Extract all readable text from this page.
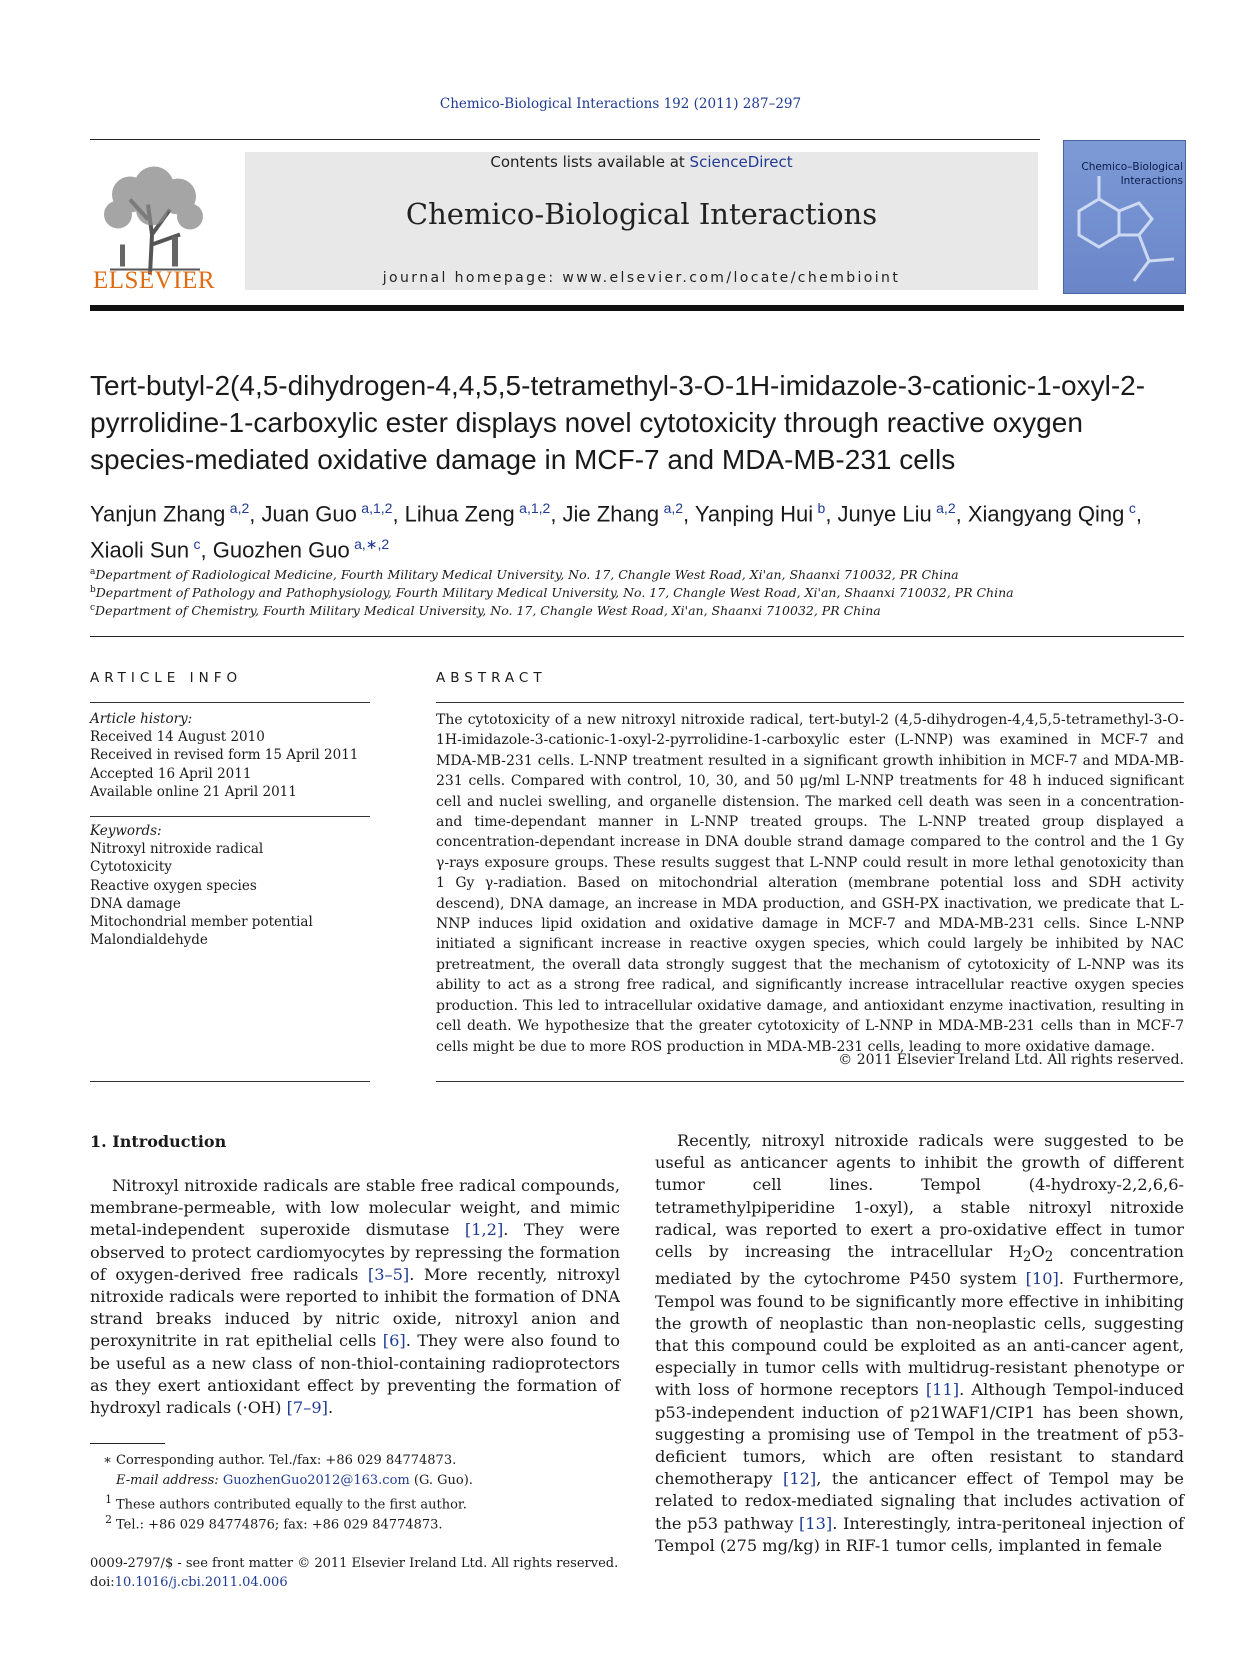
Chemico-Biological Interactions 192 (2011) 287–297
ELSEVIER
Contents lists available at ScienceDirect
Chemico-Biological Interactions
journal homepage: www.elsevier.com/locate/chembioint
Chemico–Biological
Interactions
Tert-butyl-2(4,5-dihydrogen-4,4,5,5-tetramethyl-3-O-1H-imidazole-3-cationic-1-oxyl-2-pyrrolidine-1-carboxylic ester displays novel cytotoxicity through reactive oxygen species-mediated oxidative damage in MCF-7 and MDA-MB-231 cells
Yanjun Zhang  $^{a,2}$, Juan Guo  $^{a,1,2}$, Lihua Zeng  $^{a,1,2}$, Jie Zhang  $^{a,2}$, Yanping Hui  $^b$, Junye Liu  $^{a,2}$, Xiangyang Qing  $^c$, Xiaoli Sun  $^c$, Guozhen Guo  $^{a,∗,2}$
$^a$Department of Radiological Medicine, Fourth Military Medical University, No. 17, Changle West Road, Xi'an, Shaanxi 710032, PR China
$^b$Department of Pathology and Pathophysiology, Fourth Military Medical University, No. 17, Changle West Road, Xi'an, Shaanxi 710032, PR China
$^c$Department of Chemistry, Fourth Military Medical University, No. 17, Changle West Road, Xi'an, Shaanxi 710032, PR China
ARTICLE INFO
Article history:
Received 14 August 2010
Received in revised form 15 April 2011
Accepted 16 April 2011
Available online 21 April 2011
Keywords:
Nitroxyl nitroxide radical
Cytotoxicity
Reactive oxygen species
DNA damage
Mitochondrial member potential
Malondialdehyde
ABSTRACT
The cytotoxicity of a new nitroxyl nitroxide radical, tert-butyl-2 (4,5-dihydrogen-4,4,5,5-tetramethyl-3-O-1H-imidazole-3-cationic-1-oxyl-2-pyrrolidine-1-carboxylic ester (L-NNP) was examined in MCF-7 and MDA-MB-231 cells. L-NNP treatment resulted in a significant growth inhibition in MCF-7 and MDA-MB-231 cells. Compared with control, 10, 30, and 50 μg/ml L-NNP treatments for 48 h induced significant cell and nuclei swelling, and organelle distension. The marked cell death was seen in a concentration- and time-dependant manner in L-NNP treated groups. The L-NNP treated group displayed a concentration-dependant increase in DNA double strand damage compared to the control and the 1 Gy γ-rays exposure groups. These results suggest that L-NNP could result in more lethal genotoxicity than 1 Gy γ-radiation. Based on mitochondrial alteration (membrane potential loss and SDH activity descend), DNA damage, an increase in MDA production, and GSH-PX inactivation, we predicate that L-NNP induces lipid oxidation and oxidative damage in MCF-7 and MDA-MB-231 cells. Since L-NNP initiated a significant increase in reactive oxygen species, which could largely be inhibited by NAC pretreatment, the overall data strongly suggest that the mechanism of cytotoxicity of L-NNP was its ability to act as a strong free radical, and significantly increase intracellular reactive oxygen species production. This led to intracellular oxidative damage, and antioxidant enzyme inactivation, resulting in cell death. We hypothesize that the greater cytotoxicity of L-NNP in MDA-MB-231 cells than in MCF-7 cells might be due to more ROS production in MDA-MB-231 cells, leading to more oxidative damage.
© 2011 Elsevier Ireland Ltd. All rights reserved.
1. Introduction
Nitroxyl nitroxide radicals are stable free radical compounds, membrane-permeable, with low molecular weight, and mimic metal-independent superoxide dismutase [1,2]. They were observed to protect cardiomyocytes by repressing the formation of oxygen-derived free radicals [3–5]. More recently, nitroxyl nitroxide radicals were reported to inhibit the formation of DNA strand breaks induced by nitric oxide, nitroxyl anion and peroxynitrite in rat epithelial cells [6]. They were also found to be useful as a new class of non-thiol-containing radioprotectors as they exert antioxidant effect by preventing the formation of hydroxyl radicals (·OH) [7–9].
Recently, nitroxyl nitroxide radicals were suggested to be useful as anticancer agents to inhibit the growth of different tumor cell lines. Tempol (4-hydroxy-2,2,6,6-tetramethylpiperidine 1-oxyl), a stable nitroxyl nitroxide radical, was reported to exert a pro-oxidative effect in tumor cells by increasing the intracellular $H_2O_2$ concentration mediated by the cytochrome P450 system [10]. Furthermore, Tempol was found to be significantly more effective in inhibiting the growth of neoplastic than non-neoplastic cells, suggesting that this compound could be exploited as an anti-cancer agent, especially in tumor cells with multidrug-resistant phenotype or with loss of hormone receptors [11]. Although Tempol-induced p53-independent induction of p21WAF1/CIP1 has been shown, suggesting a promising use of Tempol in the treatment of p53-deficient tumors, which are often resistant to standard chemotherapy [12], the anticancer effect of Tempol may be related to redox-mediated signaling that includes activation of the p53 pathway [13]. Interestingly, intra-peritoneal injection of Tempol (275 mg/kg) in RIF-1 tumor cells, implanted in female
∗ Corresponding author. Tel./fax: +86 029 84774873.
E-mail address: GuozhenGuo2012@163.com (G. Guo).
$^1$ These authors contributed equally to the first author.
$^2$ Tel.: +86 029 84774876; fax: +86 029 84774873.
0009-2797/$ - see front matter © 2011 Elsevier Ireland Ltd. All rights reserved.
doi:10.1016/j.cbi.2011.04.006
